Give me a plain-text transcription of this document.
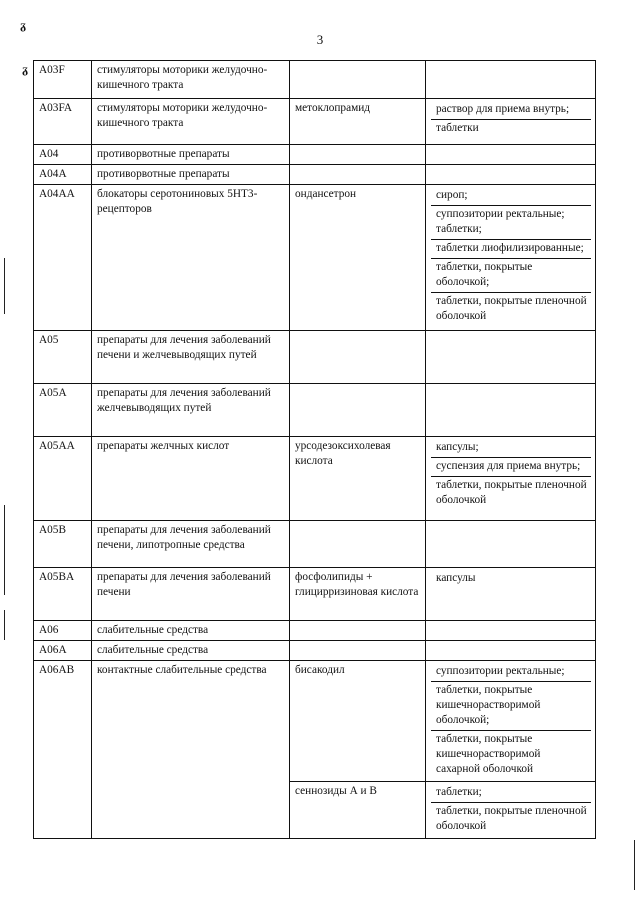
ᵹ
ᵹ
3
A03F	стимуляторы моторики желудочно-кишечного тракта		
A03FA	стимуляторы моторики желудочно-кишечного тракта	метоклопрамид	раствор для приема внутрь;
таблетки

A04	противорвотные препараты		
A04A	противорвотные препараты		
A04AA	блокаторы серотониновых 5HT3-рецепторов	ондансетрон	сироп;
суппозитории ректальные; таблетки;
таблетки лиофилизированные;
таблетки, покрытые оболочкой;
таблетки, покрытые пленочной оболочкой

A05	препараты для лечения заболеваний печени и желчевыводящих путей		
A05A	препараты для лечения заболеваний желчевыводящих путей		
A05AA	препараты желчных кислот	урсодезоксихолевая кислота	капсулы;
суспензия для приема внутрь;
таблетки, покрытые пленочной оболочкой

A05B	препараты для лечения заболеваний печени, липотропные средства		
A05BA	препараты для лечения заболеваний печени	фосфолипиды + глицирризиновая кислота	капсулы

A06	слабительные средства		
A06A	слабительные средства		
A06AB	контактные слабительные средства	бисакодил	суппозитории ректальные;
таблетки, покрытые кишечнорастворимой оболочкой;
таблетки, покрытые кишечнорастворимой сахарной оболочкой

		сеннозиды А и В	таблетки;
таблетки, покрытые пленочной оболочкой
